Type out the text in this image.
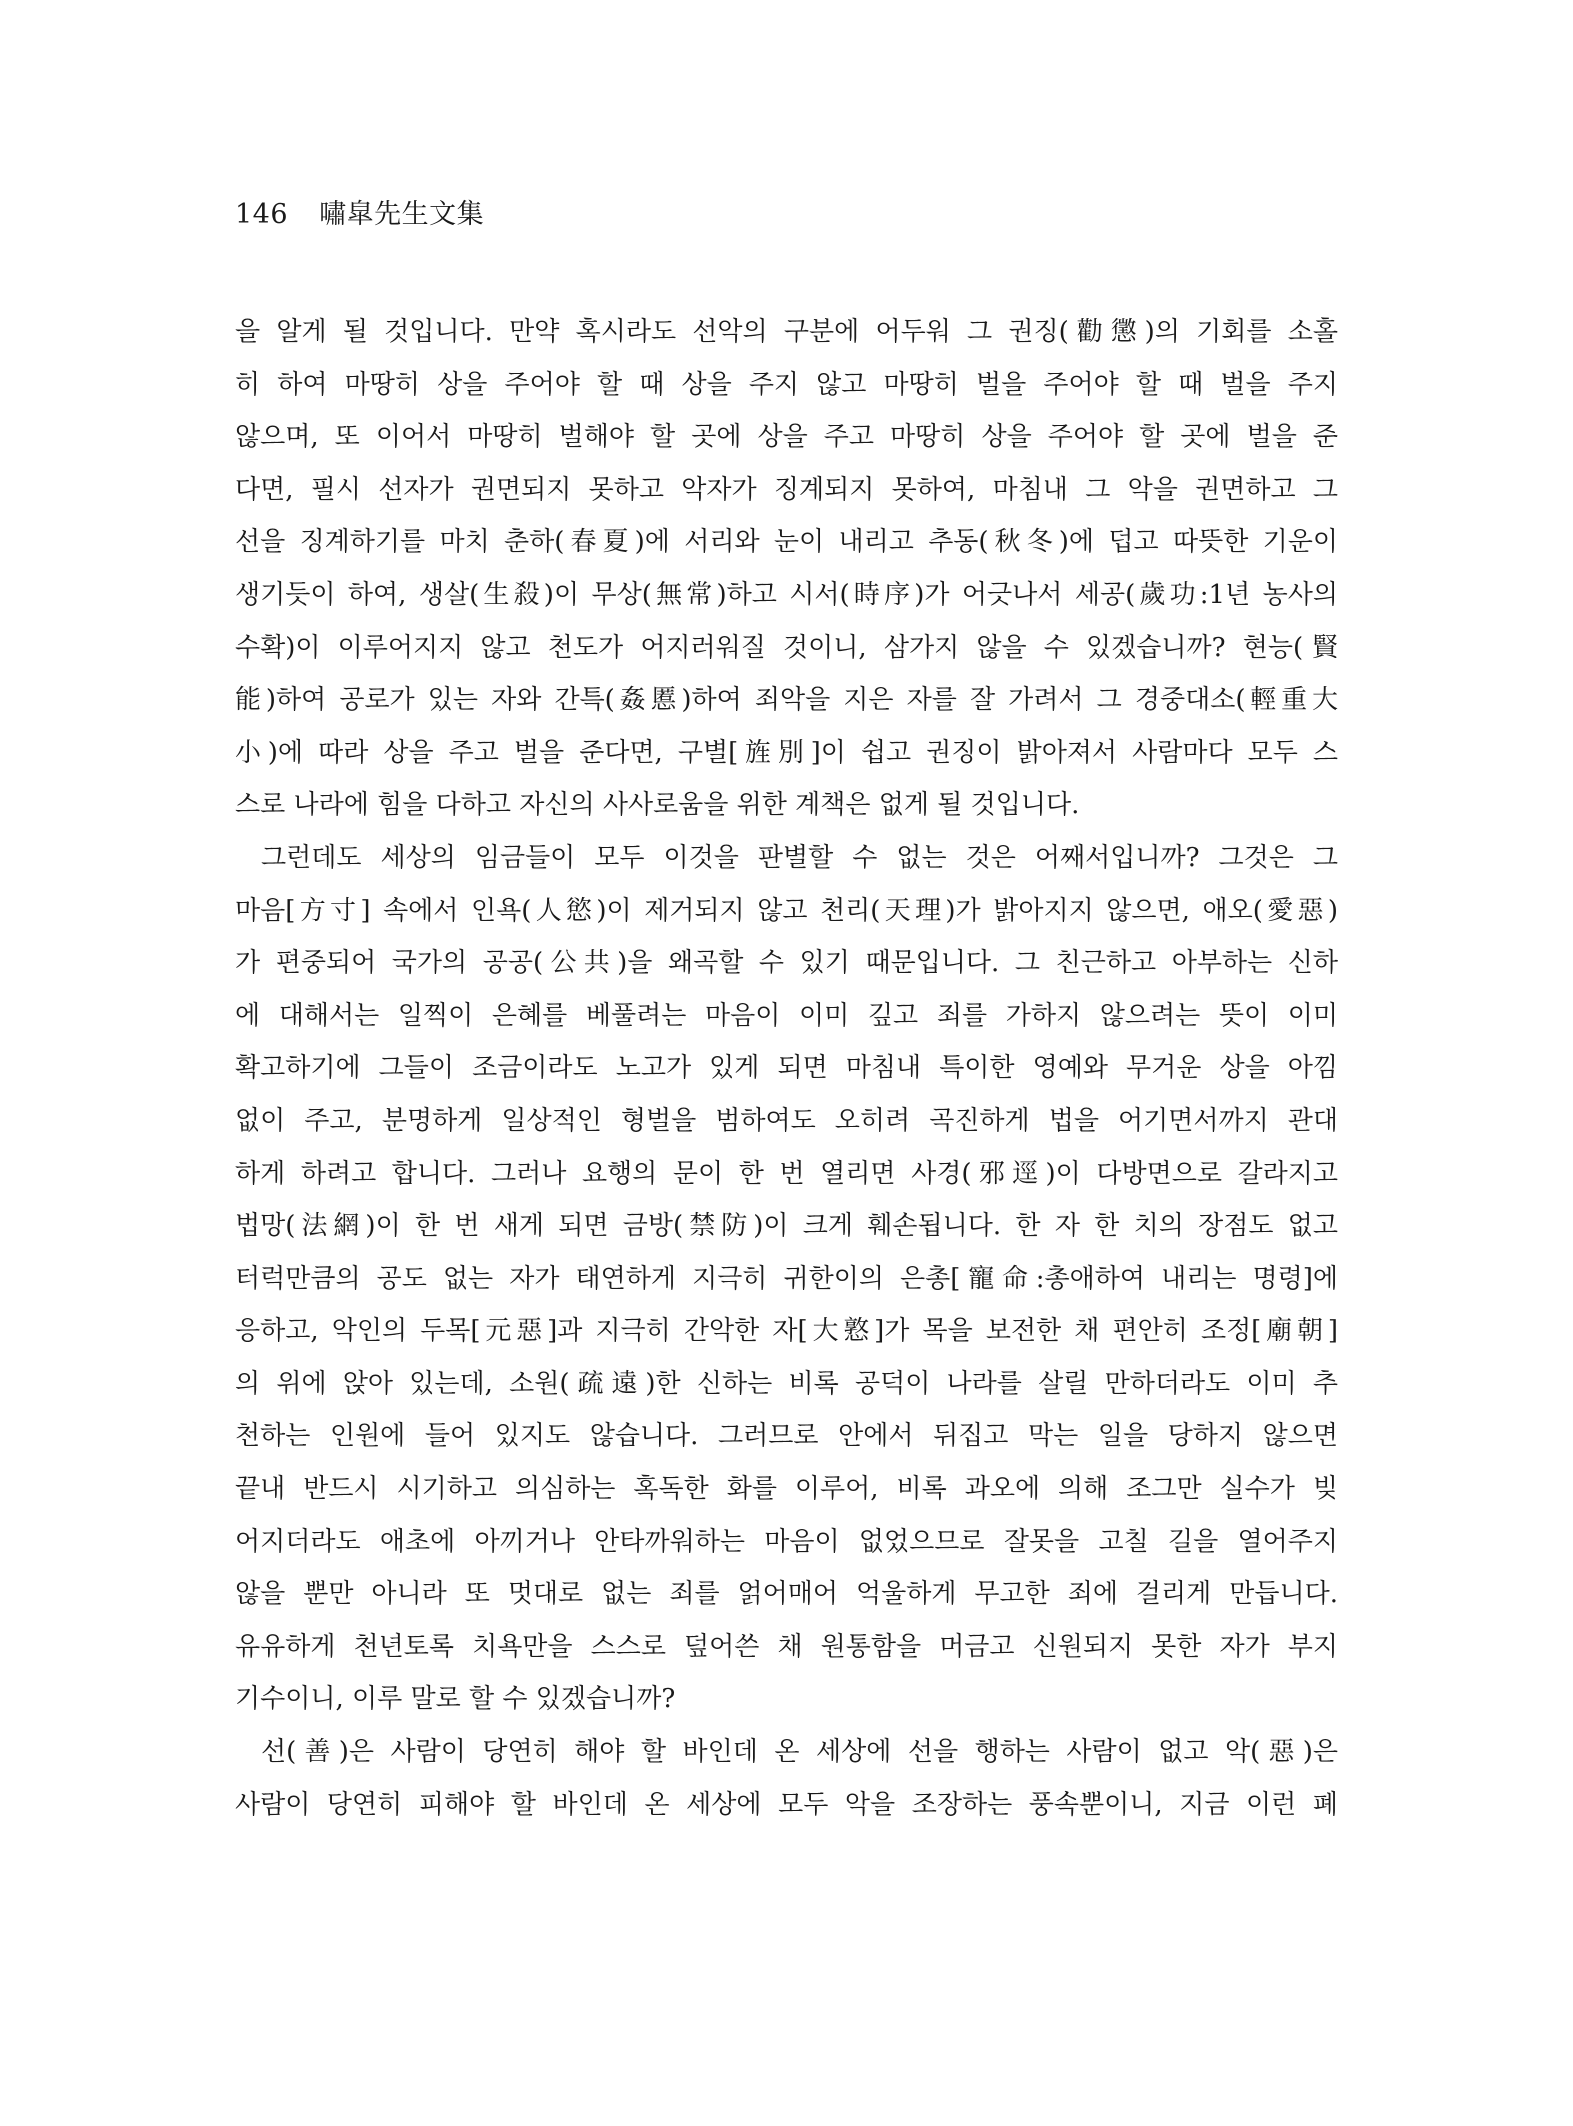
146 嘯皐先生文集
을 알게 될 것입니다. 만약 혹시라도 선악의 구분에 어두워 그 권징(勸懲)의 기회를 소홀
히 하여 마땅히 상을 주어야 할 때 상을 주지 않고 마땅히 벌을 주어야 할 때 벌을 주지
않으며, 또 이어서 마땅히 벌해야 할 곳에 상을 주고 마땅히 상을 주어야 할 곳에 벌을 준
다면, 필시 선자가 권면되지 못하고 악자가 징계되지 못하여, 마침내 그 악을 권면하고 그
선을 징계하기를 마치 춘하(春夏)에 서리와 눈이 내리고 추동(秋冬)에 덥고 따뜻한 기운이
생기듯이 하여, 생살(生殺)이 무상(無常)하고 시서(時序)가 어긋나서 세공(歲功:1년 농사의
수확)이 이루어지지 않고 천도가 어지러워질 것이니, 삼가지 않을 수 있겠습니까? 현능(賢
能)하여 공로가 있는 자와 간특(姦慝)하여 죄악을 지은 자를 잘 가려서 그 경중대소(輕重大
小)에 따라 상을 주고 벌을 준다면, 구별[旌別]이 쉽고 권징이 밝아져서 사람마다 모두 스
스로 나라에 힘을 다하고 자신의 사사로움을 위한 계책은 없게 될 것입니다.
그런데도 세상의 임금들이 모두 이것을 판별할 수 없는 것은 어째서입니까? 그것은 그
마음[方寸] 속에서 인욕(人慾)이 제거되지 않고 천리(天理)가 밝아지지 않으면, 애오(愛惡)
가 편중되어 국가의 공공(公共)을 왜곡할 수 있기 때문입니다. 그 친근하고 아부하는 신하
에 대해서는 일찍이 은혜를 베풀려는 마음이 이미 깊고 죄를 가하지 않으려는 뜻이 이미
확고하기에 그들이 조금이라도 노고가 있게 되면 마침내 특이한 영예와 무거운 상을 아낌
없이 주고, 분명하게 일상적인 형벌을 범하여도 오히려 곡진하게 법을 어기면서까지 관대
하게 하려고 합니다. 그러나 요행의 문이 한 번 열리면 사경(邪逕)이 다방면으로 갈라지고
법망(法網)이 한 번 새게 되면 금방(禁防)이 크게 훼손됩니다. 한 자 한 치의 장점도 없고
터럭만큼의 공도 없는 자가 태연하게 지극히 귀한이의 은총[寵命:총애하여 내리는 명령]에
응하고, 악인의 두목[元惡]과 지극히 간악한 자[大憝]가 목을 보전한 채 편안히 조정[廟朝]
의 위에 앉아 있는데, 소원(疏遠)한 신하는 비록 공덕이 나라를 살릴 만하더라도 이미 추
천하는 인원에 들어 있지도 않습니다. 그러므로 안에서 뒤집고 막는 일을 당하지 않으면
끝내 반드시 시기하고 의심하는 혹독한 화를 이루어, 비록 과오에 의해 조그만 실수가 빚
어지더라도 애초에 아끼거나 안타까워하는 마음이 없었으므로 잘못을 고칠 길을 열어주지
않을 뿐만 아니라 또 멋대로 없는 죄를 얽어매어 억울하게 무고한 죄에 걸리게 만듭니다.
유유하게 천년토록 치욕만을 스스로 덮어쓴 채 원통함을 머금고 신원되지 못한 자가 부지
기수이니, 이루 말로 할 수 있겠습니까?
선(善)은 사람이 당연히 해야 할 바인데 온 세상에 선을 행하는 사람이 없고 악(惡)은
사람이 당연히 피해야 할 바인데 온 세상에 모두 악을 조장하는 풍속뿐이니, 지금 이런 폐
